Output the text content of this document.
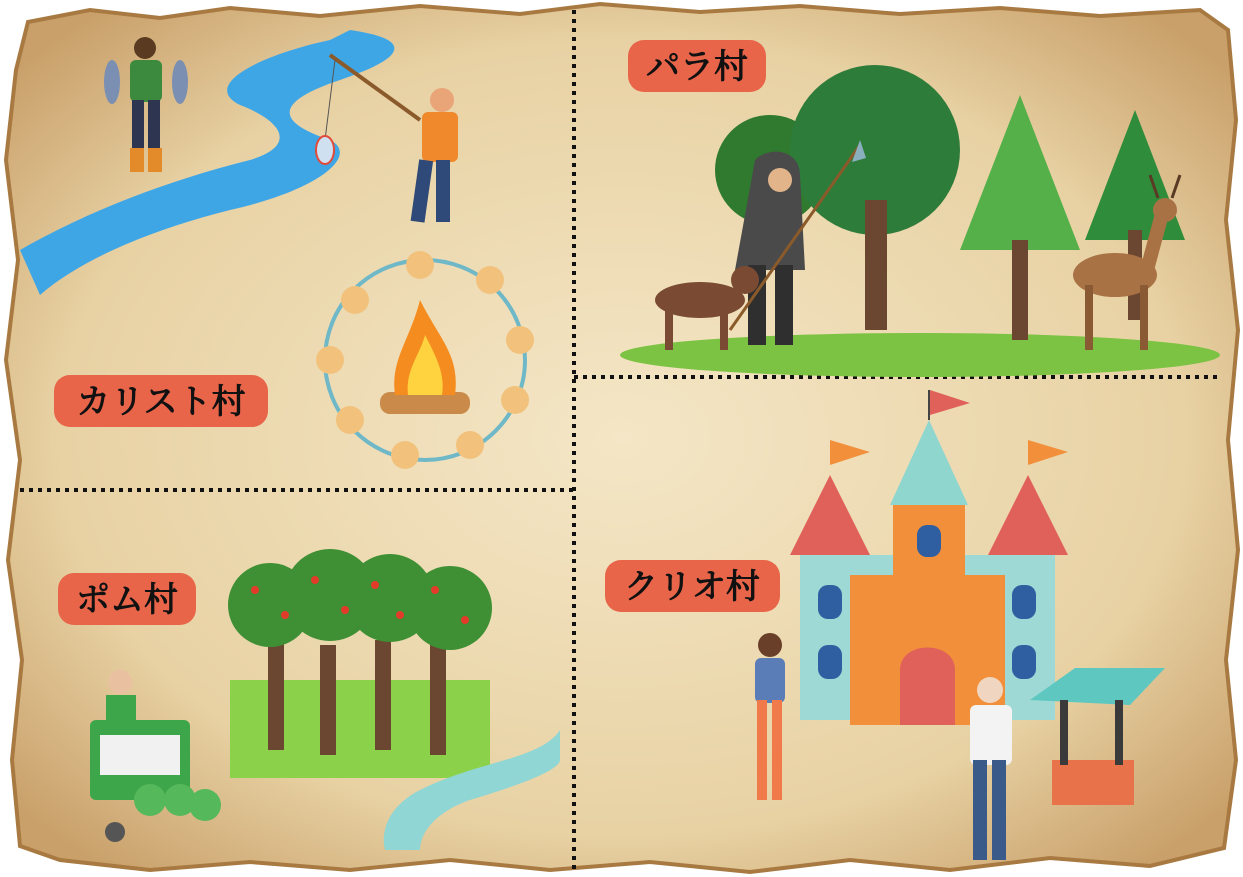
カリスト村
パラ村
ポム村	クリオ村
